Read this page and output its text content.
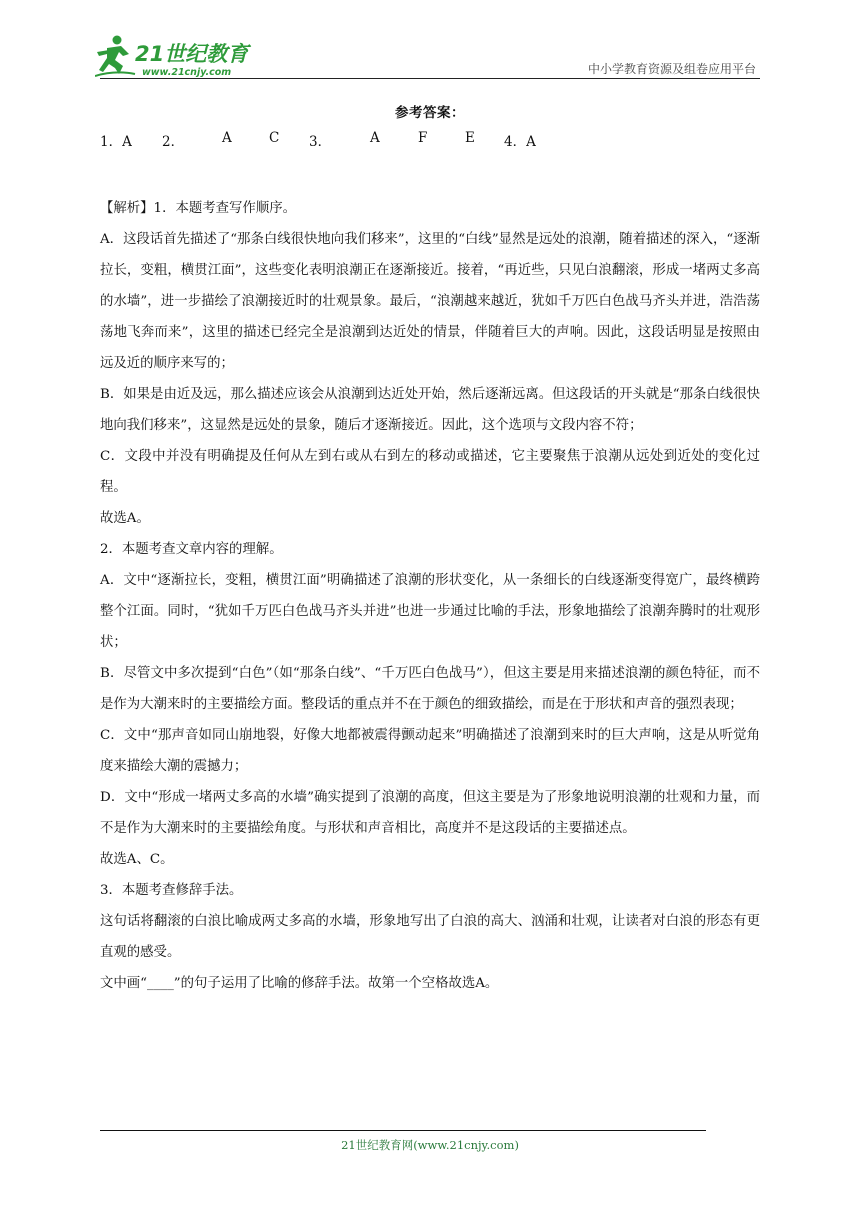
21世纪教育
www.21cnjy.com	中小学教育资源及组卷应用平台
参考答案：
1．A 2．	A	C 3．	A	F	E 4．A

【解析】1．本题考查写作顺序。

A．这段话首先描述了“那条白线很快地向我们移来”，这里的“白线”显然是远处的浪潮，随着描述的深入，“逐渐拉长，变粗，横贯江面”，这些变化表明浪潮正在逐渐接近。接着，“再近些，只见白浪翻滚，形成一堵两丈多高的水墙”，进一步描绘了浪潮接近时的壮观景象。最后，“浪潮越来越近，犹如千万匹白色战马齐头并进，浩浩荡荡地飞奔而来”，这里的描述已经完全是浪潮到达近处的情景，伴随着巨大的声响。因此，这段话明显是按照由远及近的顺序来写的；

B．如果是由近及远，那么描述应该会从浪潮到达近处开始，然后逐渐远离。但这段话的开头就是“那条白线很快地向我们移来”，这显然是远处的景象，随后才逐渐接近。因此，这个选项与文段内容不符；

C．文段中并没有明确提及任何从左到右或从右到左的移动或描述，它主要聚焦于浪潮从远处到近处的变化过程。

故选A。

2．本题考查文章内容的理解。

A．文中“逐渐拉长，变粗，横贯江面”明确描述了浪潮的形状变化，从一条细长的白线逐渐变得宽广，最终横跨整个江面。同时，“犹如千万匹白色战马齐头并进”也进一步通过比喻的手法，形象地描绘了浪潮奔腾时的壮观形状；

B．尽管文中多次提到“白色”（如“那条白线”、“千万匹白色战马”），但这主要是用来描述浪潮的颜色特征，而不是作为大潮来时的主要描绘方面。整段话的重点并不在于颜色的细致描绘，而是在于形状和声音的强烈表现；

C．文中“那声音如同山崩地裂，好像大地都被震得颤动起来”明确描述了浪潮到来时的巨大声响，这是从听觉角度来描绘大潮的震撼力；

D．文中“形成一堵两丈多高的水墙”确实提到了浪潮的高度，但这主要是为了形象地说明浪潮的壮观和力量，而不是作为大潮来时的主要描绘角度。与形状和声音相比，高度并不是这段话的主要描述点。

故选A、C。

3．本题考查修辞手法。

这句话将翻滚的白浪比喻成两丈多高的水墙，形象地写出了白浪的高大、汹涌和壮观，让读者对白浪的形态有更直观的感受。

文中画“____”的句子运用了比喻的修辞手法。故第一个空格故选A。

21世纪教育网(www.21cnjy.com)
